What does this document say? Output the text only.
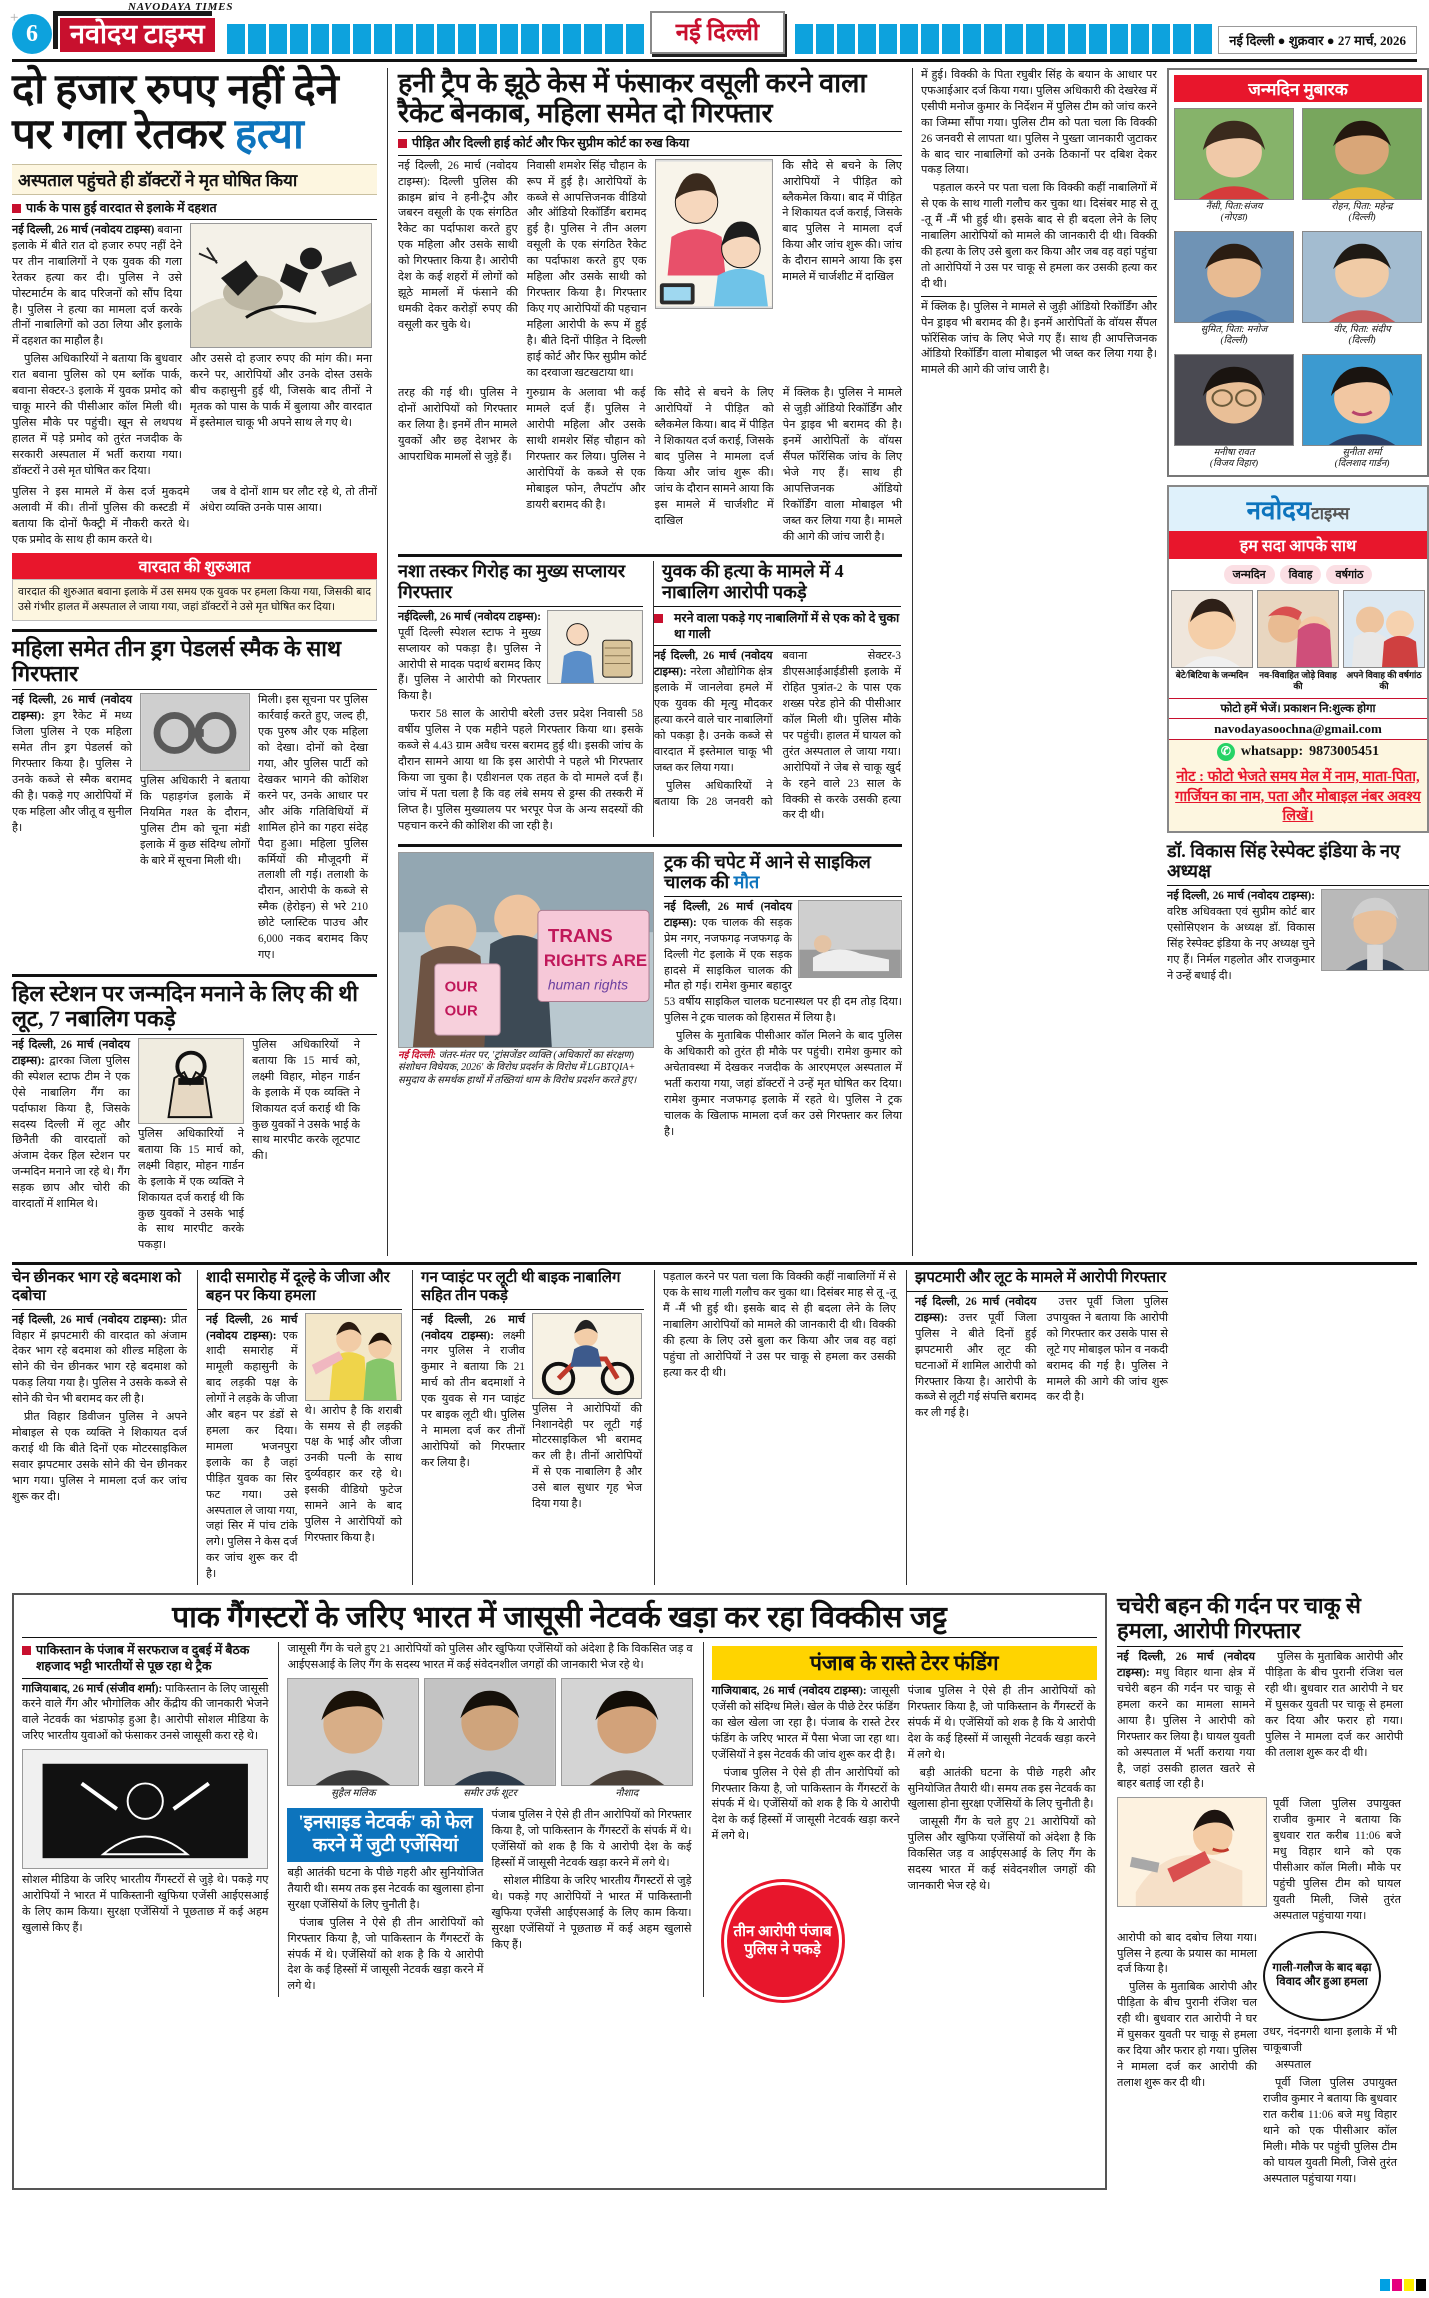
+
6
NAVODAYA TIMES
नवोदय टाइम्स	नई दिल्ली	नई दिल्ली ● शुक्रवार ● 27 मार्च, 2026
दो हजार रुपए नहीं देने
पर गला रेतकर हत्या
अस्पताल पहुंचते ही डॉक्टरों ने मृत घोषित किया
पार्क के पास हुई वारदात से इलाके में दहशत

नई दिल्ली, 26 मार्च (नवोदय टाइम्स) बवाना इलाके में बीते रात दो हजार रुपए नहीं देने पर तीन नाबालिगों ने एक युवक की गला रेतकर हत्या कर दी। पुलिस ने उसे पोस्टमार्टम के बाद परिजनों को सौंप दिया है। पुलिस ने हत्या का मामला दर्ज करके तीनों नाबालिगों को उठा लिया और इलाके में दहशत का माहौल है।

पुलिस अधिकारियों ने बताया कि बुधवार रात बवाना पुलिस को एम ब्लॉक पार्क, बवाना सेक्टर-3 इलाके में युवक प्रमोद को चाकू मारने की पीसीआर कॉल मिली थी। पुलिस मौके पर पहुंची। खून से लथपथ हालत में पड़े प्रमोद को तुरंत नजदीक के सरकारी अस्पताल में भर्ती कराया गया। डॉक्टरों ने उसे मृत घोषित कर दिया।

और उससे दो हजार रुपए की मांग की। मना करने पर, आरोपियों और उनके दोस्त उसके बीच कहासुनी हुई थी, जिसके बाद तीनों ने मृतक को पास के पार्क में बुलाया और वारदात में इस्तेमाल चाकू भी अपने साथ ले गए थे।

पुलिस ने इस मामले में केस दर्ज मुकदमे अलावी में की। तीनों पुलिस की कस्टडी में बताया कि दोनों फैक्ट्री में नौकरी करते थे। एक प्रमोद के साथ ही काम करते थे।

जब वे दोनों शाम घर लौट रहे थे, तो तीनों अंधेरा व्यक्ति उनके पास आया।

वारदात की शुरुआत
वारदात की शुरुआत बवाना इलाके में उस समय एक युवक पर हमला किया गया, जिसकी बाद उसे गंभीर हालत में अस्पताल ले जाया गया, जहां डॉक्टरों ने उसे मृत घोषित कर दिया।
महिला समेत तीन ड्रग पेडलर्स स्मैक के साथ गिरफ्तार

नई दिल्ली, 26 मार्च (नवोदय टाइम्स): ड्रग रैकेट में मध्य जिला पुलिस ने एक महिला समेत तीन ड्रग पेडलर्स को गिरफ्तार किया है। पुलिस ने उनके कब्जे से स्मैक बरामद की है। पकड़े गए आरोपियों में एक महिला और जीतू व सुनील है।

पुलिस अधिकारी ने बताया कि पहाड़गंज इलाके में नियमित गश्त के दौरान, पुलिस टीम को चूना मंडी इलाके में कुछ संदिग्ध लोगों के बारे में सूचना मिली थी।

मिली। इस सूचना पर पुलिस कार्रवाई करते हुए, जल्द ही, एक पुरुष और एक महिला को देखा। दोनों को देखा गया, और पुलिस पार्टी को देखकर भागने की कोशिश करने पर, उनके आधार पर और अंकि गतिविधियों में शामिल होने का गहरा संदेह पैदा हुआ। महिला पुलिस कर्मियों की मौजूदगी में तलाशी ली गई। तलाशी के दौरान, आरोपी के कब्जे से स्मैक (हेरोइन) से भरे 210 छोटे प्लास्टिक पाउच और 6,000 नकद बरामद किए गए।

हिल स्टेशन पर जन्मदिन मनाने के लिए की थी लूट, 7 नबालिग पकड़े

नई दिल्ली, 26 मार्च (नवोदय टाइम्स): द्वारका जिला पुलिस की स्पेशल स्टाफ टीम ने एक ऐसे नाबालिग गैंग का पर्दाफाश किया है, जिसके सदस्य दिल्ली में लूट और छिनैती की वारदातों को अंजाम देकर हिल स्टेशन पर जन्मदिन मनाने जा रहे थे। गैंग सड़क छाप और चोरी की वारदातों में शामिल थे।

पुलिस अधिकारियों ने बताया कि 15 मार्च को, लक्ष्मी विहार, मोहन गार्डन के इलाके में एक व्यक्ति ने शिकायत दर्ज कराई थी कि कुछ युवकों ने उसके भाई के साथ मारपीट करके पकड़ा।

पुलिस अधिकारियों ने बताया कि 15 मार्च को, लक्ष्मी विहार, मोहन गार्डन के इलाके में एक व्यक्ति ने शिकायत दर्ज कराई थी कि कुछ युवकों ने उसके भाई के साथ मारपीट करके लूटपाट की।

हनी ट्रैप के झूठे केस में फंसाकर वसूली करने वाला रैकेट बेनकाब, महिला समेत दो गिरफ्तार
पीड़ित और दिल्ली हाई कोर्ट और फिर सुप्रीम कोर्ट का रुख किया

नई दिल्ली, 26 मार्च (नवोदय टाइम्स): दिल्ली पुलिस की क्राइम ब्रांच ने हनी-ट्रैप और जबरन वसूली के एक संगठित रैकेट का पर्दाफाश करते हुए एक महिला और उसके साथी को गिरफ्तार किया है। आरोपी देश के कई शहरों में लोगों को झूठे मामलों में फंसाने की धमकी देकर करोड़ों रुपए की वसूली कर चुके थे।

निवासी शमशेर सिंह चौहान के रूप में हुई है। आरोपियों के कब्जे से आपत्तिजनक वीडियो और ऑडियो रिकॉर्डिंग बरामद हुई है। पुलिस ने तीन अलग वसूली के एक संगठित रैकेट का पर्दाफाश करते हुए एक महिला और उसके साथी को गिरफ्तार किया है। गिरफ्तार किए गए आरोपियों की पहचान महिला आरोपी के रूप में हुई है। बीते दिनों पीड़ित ने दिल्ली हाई कोर्ट और फिर सुप्रीम कोर्ट का दरवाजा खटखटाया था।

कि सौदे से बचने के लिए आरोपियों ने पीड़ित को ब्लैकमेल किया। बाद में पीड़ित ने शिकायत दर्ज कराई, जिसके बाद पुलिस ने मामला दर्ज किया और जांच शुरू की। जांच के दौरान सामने आया कि इस मामले में चार्जशीट में दाखिल

तरह की गई थी। पुलिस ने दोनों आरोपियों को गिरफ्तार कर लिया है। इनमें तीन मामले युवकों और छह देशभर के आपराधिक मामलों से जुड़े हैं।

गुरुग्राम के अलावा भी कई मामले दर्ज हैं। पुलिस ने आरोपी महिला और उसके साथी शमशेर सिंह चौहान को गिरफ्तार कर लिया। पुलिस ने आरोपियों के कब्जे से एक मोबाइल फोन, लैपटॉप और डायरी बरामद की है।

कि सौदे से बचने के लिए आरोपियों ने पीड़ित को ब्लैकमेल किया। बाद में पीड़ित ने शिकायत दर्ज कराई, जिसके बाद पुलिस ने मामला दर्ज किया और जांच शुरू की। जांच के दौरान सामने आया कि इस मामले में चार्जशीट में दाखिल

में क्लिक है। पुलिस ने मामले से जुड़ी ऑडियो रिकॉर्डिंग और पेन ड्राइव भी बरामद की है। इनमें आरोपितों के वॉयस सैंपल फॉरेंसिक जांच के लिए भेजे गए हैं। साथ ही आपत्तिजनक ऑडियो रिकॉर्डिंग वाला मोबाइल भी जब्त कर लिया गया है। मामले की आगे की जांच जारी है।

नशा तस्कर गिरोह का मुख्य सप्लायर गिरफ्तार

नईदिल्ली, 26 मार्च (नवोदय टाइम्स): पूर्वी दिल्ली स्पेशल स्टाफ ने मुख्य सप्लायर को पकड़ा है। पुलिस ने आरोपी से मादक पदार्थ बरामद किए हैं। पुलिस ने आरोपी को गिरफ्तार किया है।

फरार 58 साल के आरोपी बरेली उत्तर प्रदेश निवासी 58 वर्षीय पुलिस ने एक महीने पहले गिरफ्तार किया था। इसके कब्जे से 4.43 ग्राम अवैध चरस बरामद हुई थी। इसकी जांच के दौरान सामने आया था कि इस आरोपी ने पहले भी गिरफ्तार किया जा चुका है। एडीशनल एक तहत के दो मामले दर्ज हैं। जांच में पता चला है कि वह लंबे समय से ड्रग्स की तस्करी में लिप्त है। पुलिस मुख्यालय पर भरपूर पेज के अन्य सदस्यों की पहचान करने की कोशिश की जा रही है।

युवक की हत्या के मामले में 4 नाबालिग आरोपी पकड़े
मरने वाला पकड़े गए नाबालिगों में से एक को दे चुका था गाली

नई दिल्ली, 26 मार्च (नवोदय टाइम्स): नरेला औद्योगिक क्षेत्र इलाके में जानलेवा हमले में एक युवक की मृत्यु मौदकर हत्या करने वाले चार नाबालिगों को पकड़ा है। उनके कब्जे से वारदात में इस्तेमाल चाकू भी जब्त कर लिया गया।

पुलिस अधिकारियों ने बताया कि 28 जनवरी को बवाना सेक्टर-3 डीएसआईआईडीसी इलाके में रोहित पुत्रांत-2 के पास एक शख्स परेड होने की पीसीआर कॉल मिली थी। पुलिस मौके पर पहुंची। हालत में घायल को तुरंत अस्पताल ले जाया गया। आरोपियों ने जेब से चाकू खुर्द के रहने वाले 23 साल के विक्की से करके उसकी हत्या कर दी थी।

TRANS
RIGHTS ARE
human rights
OUR
OUR
नई दिल्ली: जंतर-मंतर पर, 'ट्रांसजेंडर व्यक्ति (अधिकारों का संरक्षण) संशोधन विधेयक, 2026' के विरोध प्रदर्शन के विरोध में LGBTQIA+ समुदाय के समर्थक हाथों में तख्तियां थाम के विरोध प्रदर्शन करते हुए।
ट्रक की चपेट में आने से साइकिल चालक की मौत

नई दिल्ली, 26 मार्च (नवोदय टाइम्स): एक चालक की सड़क प्रेम नगर, नजफगढ़ नजफगढ़ के दिल्ली गेट इलाके में एक सड़क हादसे में साइकिल चालक की मौत हो गई। रामेश कुमार बहादुर 53 वर्षीय साइकिल चालक घटनास्थल पर ही दम तोड़ दिया। पुलिस ने ट्रक चालक को हिरासत में लिया है।

पुलिस के मुताबिक पीसीआर कॉल मिलने के बाद पुलिस के अधिकारी को तुरंत ही मौके पर पहुंची। रामेश कुमार को अचेतावस्था में देखकर नजदीक के आरएमएल अस्पताल में भर्ती कराया गया, जहां डॉक्टरों ने उन्हें मृत घोषित कर दिया। रामेश कुमार नजफगढ़ इलाके में रहते थे। पुलिस ने ट्रक चालक के खिलाफ मामला दर्ज कर उसे गिरफ्तार कर लिया है।

में हुई। विक्की के पिता रघुबीर सिंह के बयान के आधार पर एफआईआर दर्ज किया गया। पुलिस अधिकारी की देखरेख में एसीपी मनोज कुमार के निर्देशन में पुलिस टीम को जांच करने का जिम्मा सौंपा गया। पुलिस टीम को पता चला कि विक्की 26 जनवरी से लापता था। पुलिस ने पुख्ता जानकारी जुटाकर के बाद चार नाबालिगों को उनके ठिकानों पर दबिश देकर पकड़ लिया।

पड़ताल करने पर पता चला कि विक्की कहीं नाबालिगों में से एक के साथ गाली गलौच कर चुका था। दिसंबर माह से तू -तू मैं -मैं भी हुई थी। इसके बाद से ही बदला लेने के लिए नाबालिग आरोपियों को मामले की जानकारी दी थी। विक्की की हत्या के लिए उसे बुला कर किया और जब वह वहां पहुंचा तो आरोपियों ने उस पर चाकू से हमला कर उसकी हत्या कर दी थी।

में क्लिक है। पुलिस ने मामले से जुड़ी ऑडियो रिकॉर्डिंग और पेन ड्राइव भी बरामद की है। इनमें आरोपितों के वॉयस सैंपल फॉरेंसिक जांच के लिए भेजे गए हैं। साथ ही आपत्तिजनक ऑडियो रिकॉर्डिंग वाला मोबाइल भी जब्त कर लिया गया है। मामले की आगे की जांच जारी है।

जन्मदिन मुबारक
नैंसी, पिता:संजय
(नोएडा)
रोहन, पिता: महेन्द्र
(दिल्ली)
सुमित, पिता: मनोज
(दिल्ली)
वीर, पिता: संदीप
(दिल्ली)
मनीषा रावत
(विजय विहार)
सुनीता शर्मा
(दिलशाद गार्डन)
नवोदयटाइम्स
हम सदा आपके साथ
जन्मदिन	विवाह	वर्षगांठ
बेटे/बिटिया के जन्मदिन	नव-विवाहित जोड़े विवाह की
अपने विवाह की वर्षगांठ की
फोटो हमें भेजें। प्रकाशन नि:शुल्क होगा
navodayasoochna@gmail.com
✆ whatsapp: 9873005451
नोट : फोटो भेजते समय मेल में नाम, माता-पिता, गार्जियन का नाम, पता और मोबाइल नंबर अवश्य लिखें।
डॉ. विकास सिंह रेस्पेक्ट इंडिया के नए अध्यक्ष

नई दिल्ली, 26 मार्च (नवोदय टाइम्स): वरिष्ठ अधिवक्ता एवं सुप्रीम कोर्ट बार एसोसिएशन के अध्यक्ष डॉ. विकास सिंह रेस्पेक्ट इंडिया के नए अध्यक्ष चुने गए हैं। निर्मल गहलोत और राजकुमार ने उन्हें बधाई दी।

चेन छीनकर भाग रहे बदमाश को दबोचा

नई दिल्ली, 26 मार्च (नवोदय टाइम्स): प्रीत विहार में झपटमारी की वारदात को अंजाम देकर भाग रहे बदमाश को शील्ड महिला के सोने की चेन छीनकर भाग रहे बदमाश को पकड़ लिया गया है। पुलिस ने उसके कब्जे से सोने की चेन भी बरामद कर ली है।

प्रीत विहार डिवीजन पुलिस ने अपने मोबाइल से एक व्यक्ति ने शिकायत दर्ज कराई थी कि बीते दिनों एक मोटरसाइकिल सवार झपटमार उसके सोने की चेन छीनकर भाग गया। पुलिस ने मामला दर्ज कर जांच शुरू कर दी।

शादी समारोह में दूल्हे के जीजा और बहन पर किया हमला

नई दिल्ली, 26 मार्च (नवोदय टाइम्स): एक शादी समारोह में मामूली कहासुनी के बाद लड़की पक्ष के लोगों ने लड़के के जीजा और बहन पर डंडों से हमला कर दिया। मामला भजनपुरा इलाके का है जहां पीड़ित युवक का सिर फट गया। उसे अस्पताल ले जाया गया, जहां सिर में पांच टांके लगे। पुलिस ने केस दर्ज कर जांच शुरू कर दी है।

थे। आरोप है कि शराबी के समय से ही लड़की पक्ष के भाई और जीजा उनकी पत्नी के साथ दुर्व्यवहार कर रहे थे। इसकी वीडियो फुटेज सामने आने के बाद पुलिस ने आरोपियों को गिरफ्तार किया है।

गन प्वाइंट पर लूटी थी बाइक नाबालिग सहित तीन पकड़े

नई दिल्ली, 26 मार्च (नवोदय टाइम्स): लक्ष्मी नगर पुलिस ने राजीव कुमार ने बताया कि 21 मार्च को तीन बदमाशों ने एक युवक से गन प्वाइंट पर बाइक लूटी थी। पुलिस ने मामला दर्ज कर तीनों आरोपियों को गिरफ्तार कर लिया है।

पुलिस ने आरोपियों की निशानदेही पर लूटी गई मोटरसाइकिल भी बरामद कर ली है। तीनों आरोपियों में से एक नाबालिग है और उसे बाल सुधार गृह भेज दिया गया है।

पड़ताल करने पर पता चला कि विक्की कहीं नाबालिगों में से एक के साथ गाली गलौच कर चुका था। दिसंबर माह से तू -तू मैं -मैं भी हुई थी। इसके बाद से ही बदला लेने के लिए नाबालिग आरोपियों को मामले की जानकारी दी थी। विक्की की हत्या के लिए उसे बुला कर किया और जब वह वहां पहुंचा तो आरोपियों ने उस पर चाकू से हमला कर उसकी हत्या कर दी थी।

झपटमारी और लूट के मामले में आरोपी गिरफ्तार

नई दिल्ली, 26 मार्च (नवोदय टाइम्स): उत्तर पूर्वी जिला पुलिस ने बीते दिनों हुई झपटमारी और लूट की घटनाओं में शामिल आरोपी को गिरफ्तार किया है। आरोपी के कब्जे से लूटी गई संपत्ति बरामद कर ली गई है।

उत्तर पूर्वी जिला पुलिस उपायुक्त ने बताया कि आरोपी को गिरफ्तार कर उसके पास से लूटे गए मोबाइल फोन व नकदी बरामद की गई है। पुलिस ने मामले की आगे की जांच शुरू कर दी है।

पाक गैंगस्टरों के जरिए भारत में जासूसी नेटवर्क खड़ा कर रहा विक्कीस जट्ट
पाकिस्तान के पंजाब में सरफराज व दुबई में बैठक शहजाद भट्टी भारतीयों से पूछ रहा थे ट्रैक

गाजियाबाद, 26 मार्च (संजीव शर्मा): पाकिस्तान के लिए जासूसी करने वाले गैंग और भौगोलिक और केंद्रीय की जानकारी भेजने वाले नेटवर्क का भंडाफोड़ हुआ है। आरोपी सोशल मीडिया के जरिए भारतीय युवाओं को फंसाकर उनसे जासूसी करा रहे थे।

सोशल मीडिया के जरिए भारतीय गैंगस्टरों से जुड़े थे। पकड़े गए आरोपियों ने भारत में पाकिस्तानी खुफिया एजेंसी आईएसआई के लिए काम किया। सुरक्षा एजेंसियों ने पूछताछ में कई अहम खुलासे किए हैं।

जासूसी गैंग के चले हुए 21 आरोपियों को पुलिस और खुफिया एजेंसियों को अंदेशा है कि विकसित जड़ व आईएसआई के लिए गैंग के सदस्य भारत में कई संवेदनशील जगहों की जानकारी भेज रहे थे।

सुहैल मलिक	समीर उर्फ शूटर	नौशाद
'इनसाइड नेटवर्क' को फेल करने में जुटी एजेंसियां

बड़ी आतंकी घटना के पीछे गहरी और सुनियोजित तैयारी थी। समय तक इस नेटवर्क का खुलासा होना सुरक्षा एजेंसियों के लिए चुनौती है।

पंजाब पुलिस ने ऐसे ही तीन आरोपियों को गिरफ्तार किया है, जो पाकिस्तान के गैंगस्टरों के संपर्क में थे। एजेंसियों को शक है कि ये आरोपी देश के कई हिस्सों में जासूसी नेटवर्क खड़ा करने में लगे थे।

पंजाब पुलिस ने ऐसे ही तीन आरोपियों को गिरफ्तार किया है, जो पाकिस्तान के गैंगस्टरों के संपर्क में थे। एजेंसियों को शक है कि ये आरोपी देश के कई हिस्सों में जासूसी नेटवर्क खड़ा करने में लगे थे।

सोशल मीडिया के जरिए भारतीय गैंगस्टरों से जुड़े थे। पकड़े गए आरोपियों ने भारत में पाकिस्तानी खुफिया एजेंसी आईएसआई के लिए काम किया। सुरक्षा एजेंसियों ने पूछताछ में कई अहम खुलासे किए हैं।

पंजाब के रास्ते टेरर फंडिंग

गाजियाबाद, 26 मार्च (नवोदय टाइम्स): जासूसी एजेंसी को संदिग्ध मिले। खेल के पीछे टेरर फंडिंग का खेल खेला जा रहा है। पंजाब के रास्ते टेरर फंडिंग के जरिए भारत में पैसा भेजा जा रहा था। एजेंसियों ने इस नेटवर्क की जांच शुरू कर दी है।

पंजाब पुलिस ने ऐसे ही तीन आरोपियों को गिरफ्तार किया है, जो पाकिस्तान के गैंगस्टरों के संपर्क में थे। एजेंसियों को शक है कि ये आरोपी देश के कई हिस्सों में जासूसी नेटवर्क खड़ा करने में लगे थे।

पंजाब पुलिस ने ऐसे ही तीन आरोपियों को गिरफ्तार किया है, जो पाकिस्तान के गैंगस्टरों के संपर्क में थे। एजेंसियों को शक है कि ये आरोपी देश के कई हिस्सों में जासूसी नेटवर्क खड़ा करने में लगे थे।

बड़ी आतंकी घटना के पीछे गहरी और सुनियोजित तैयारी थी। समय तक इस नेटवर्क का खुलासा होना सुरक्षा एजेंसियों के लिए चुनौती है।

जासूसी गैंग के चले हुए 21 आरोपियों को पुलिस और खुफिया एजेंसियों को अंदेशा है कि विकसित जड़ व आईएसआई के लिए गैंग के सदस्य भारत में कई संवेदनशील जगहों की जानकारी भेज रहे थे।

तीन आरोपी पंजाब पुलिस ने पकड़े
चचेरी बहन की गर्दन पर चाकू से हमला, आरोपी गिरफ्तार

नई दिल्ली, 26 मार्च (नवोदय टाइम्स): मधु विहार थाना क्षेत्र में चचेरी बहन की गर्दन पर चाकू से हमला करने का मामला सामने आया है। पुलिस ने आरोपी को गिरफ्तार कर लिया है। घायल युवती को अस्पताल में भर्ती कराया गया है, जहां उसकी हालत खतरे से बाहर बताई जा रही है।

पुलिस के मुताबिक आरोपी और पीड़िता के बीच पुरानी रंजिश चल रही थी। बुधवार रात आरोपी ने घर में घुसकर युवती पर चाकू से हमला कर दिया और फरार हो गया। पुलिस ने मामला दर्ज कर आरोपी की तलाश शुरू कर दी थी।

पूर्वी जिला पुलिस उपायुक्त राजीव कुमार ने बताया कि बुधवार रात करीब 11:06 बजे मधु विहार थाने को एक पीसीआर कॉल मिली। मौके पर पहुंची पुलिस टीम को घायल युवती मिली, जिसे तुरंत अस्पताल पहुंचाया गया।

आरोपी को बाद दबोच लिया गया। पुलिस ने हत्या के प्रयास का मामला दर्ज किया है।

पुलिस के मुताबिक आरोपी और पीड़िता के बीच पुरानी रंजिश चल रही थी। बुधवार रात आरोपी ने घर में घुसकर युवती पर चाकू से हमला कर दिया और फरार हो गया। पुलिस ने मामला दर्ज कर आरोपी की तलाश शुरू कर दी थी।

गाली-गलौज के बाद बढ़ा विवाद और हुआ हमला

उधर, नंदनगरी थाना इलाके में भी चाकूबाजी

अस्पताल

पूर्वी जिला पुलिस उपायुक्त राजीव कुमार ने बताया कि बुधवार रात करीब 11:06 बजे मधु विहार थाने को एक पीसीआर कॉल मिली। मौके पर पहुंची पुलिस टीम को घायल युवती मिली, जिसे तुरंत अस्पताल पहुंचाया गया।
